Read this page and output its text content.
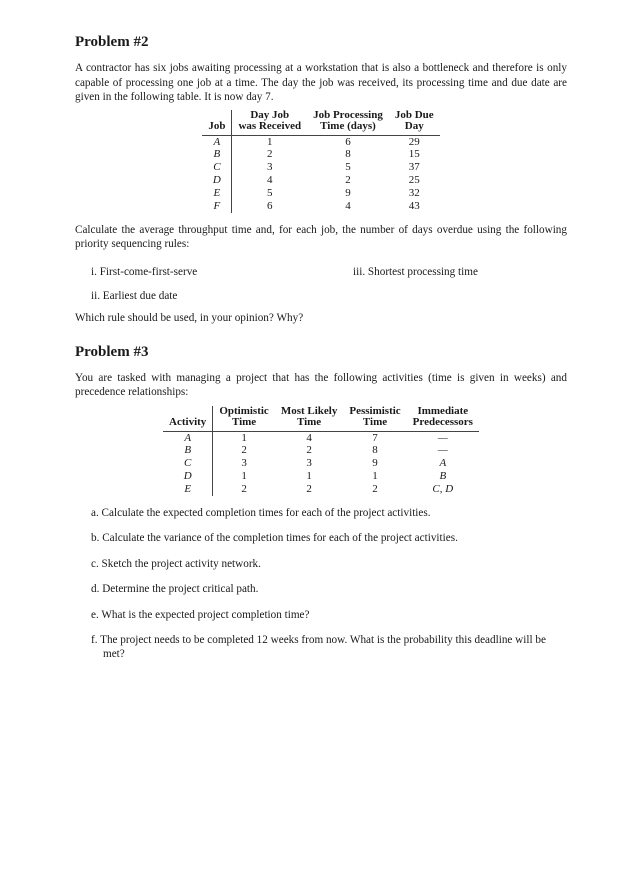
Problem #2

A contractor has six jobs awaiting processing at a workstation that is also a bottleneck and therefore is only capable of processing one job at a time. The day the job was received, its processing time and due date are given in the following table. It is now day 7.

	Day Job	Job Processing	Job Due
Job	was Received	Time (days)	Day
A	1	6	29
B	2	8	15
C	3	5	37
D	4	2	25
E	5	9	32
F	6	4	43

Calculate the average throughput time and, for each job, the number of days overdue using the following priority sequencing rules:

i. First-come-first-serve	iii. Shortest processing time
ii. Earliest due date

Which rule should be used, in your opinion? Why?

Problem #3

You are tasked with managing a project that has the following activities (time is given in weeks) and precedence relationships:

	Optimistic	Most Likely	Pessimistic	Immediate
Activity	Time	Time	Time	Predecessors
A	1	4	7	—
B	2	2	8	—
C	3	3	9	A
D	1	1	1	B
E	2	2	2	C, D
a. Calculate the expected completion times for each of the project activities.
b. Calculate the variance of the completion times for each of the project activities.
c. Sketch the project activity network.
d. Determine the project critical path.
e. What is the expected project completion time?
f. The project needs to be completed 12 weeks from now. What is the probability this deadline will be met?
